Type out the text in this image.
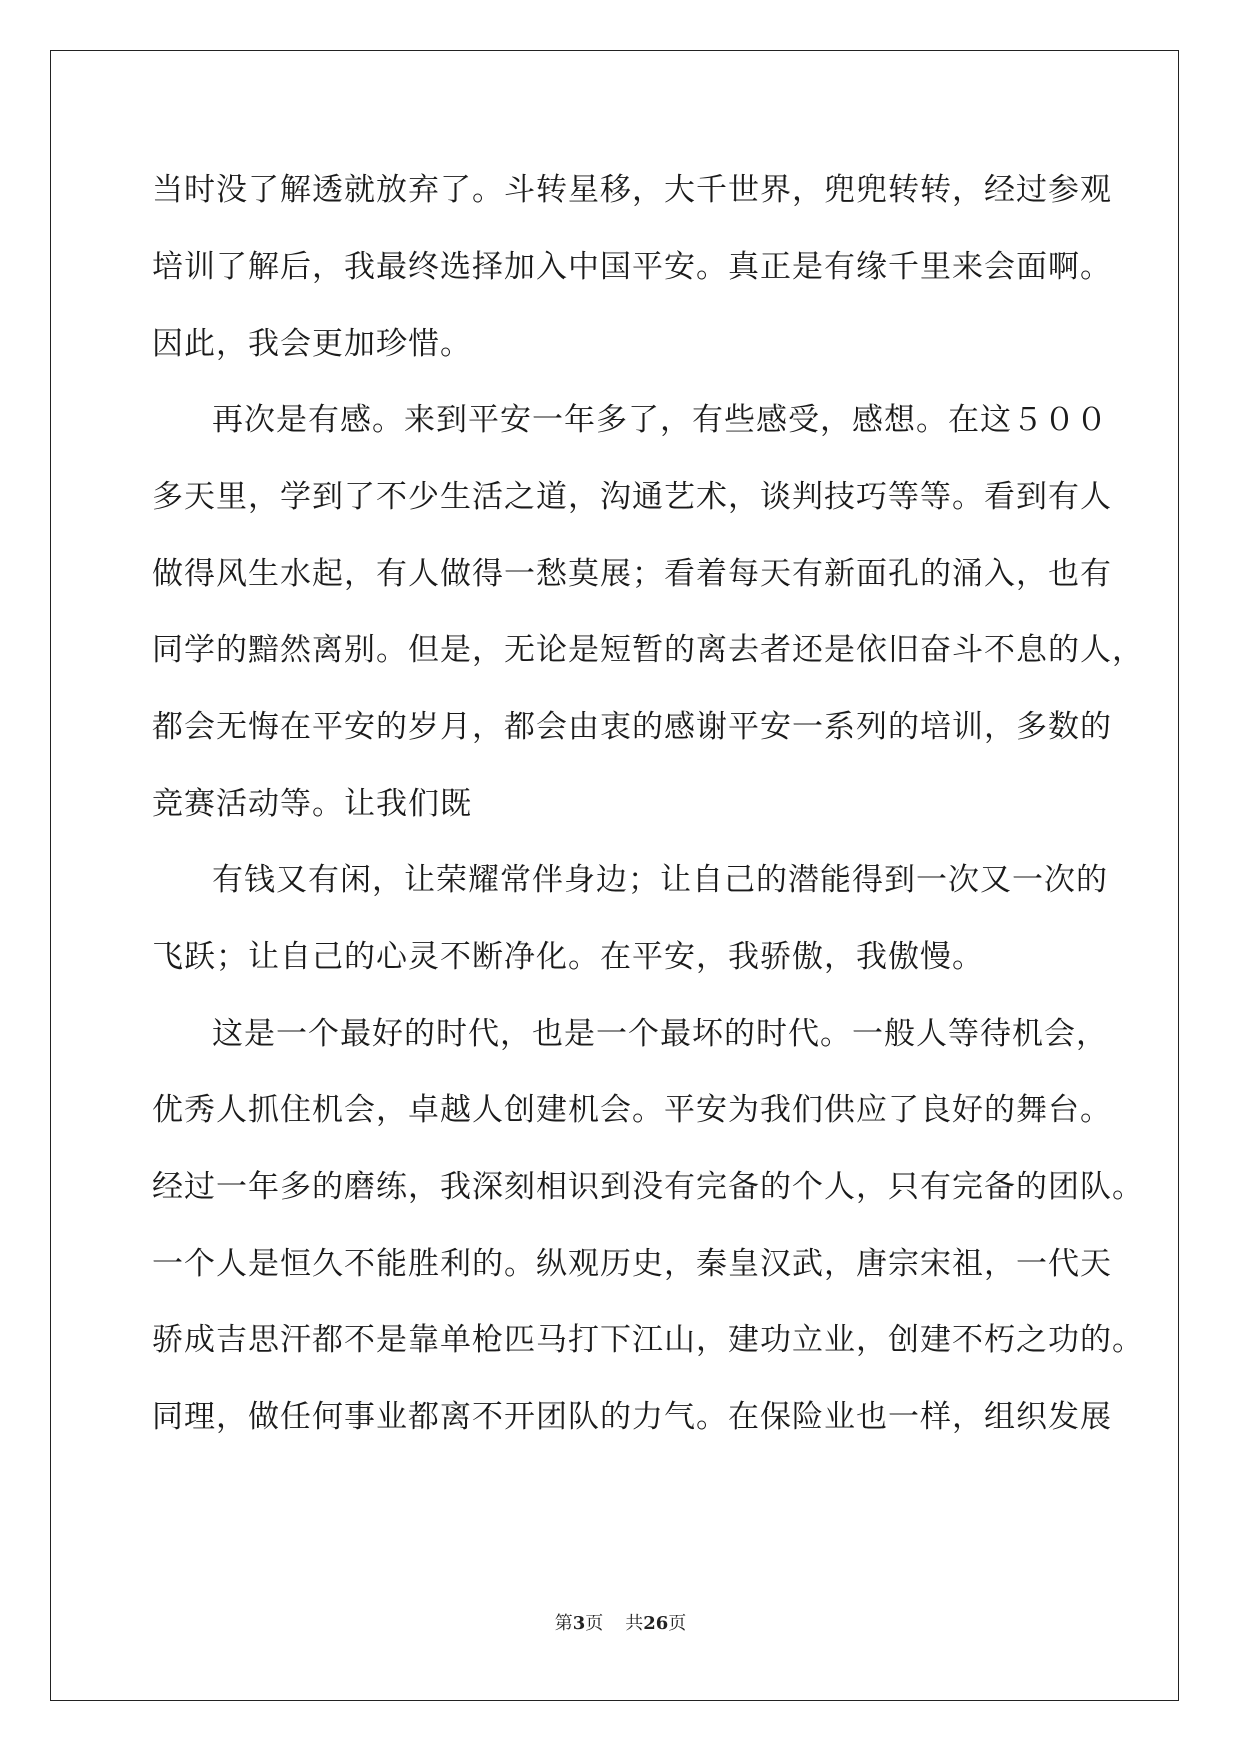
当时没了解透就放弃了。斗转星移，大千世界，兜兜转转，经过参观
培训了解后，我最终选择加入中国平安。真正是有缘千里来会面啊。
因此，我会更加珍惜。
再次是有感。来到平安一年多了，有些感受，感想。在这５００
多天里，学到了不少生活之道，沟通艺术，谈判技巧等等。看到有人
做得风生水起，有人做得一愁莫展；看着每天有新面孔的涌入，也有
同学的黯然离别。但是，无论是短暂的离去者还是依旧奋斗不息的人，
都会无悔在平安的岁月，都会由衷的感谢平安一系列的培训，多数的
竞赛活动等。让我们既
有钱又有闲，让荣耀常伴身边；让自己的潜能得到一次又一次的
飞跃；让自己的心灵不断净化。在平安，我骄傲，我傲慢。
这是一个最好的时代，也是一个最坏的时代。一般人等待机会，
优秀人抓住机会，卓越人创建机会。平安为我们供应了良好的舞台。
经过一年多的磨练，我深刻相识到没有完备的个人，只有完备的团队。
一个人是恒久不能胜利的。纵观历史，秦皇汉武，唐宗宋祖，一代天
骄成吉思汗都不是靠单枪匹马打下江山，建功立业，创建不朽之功的。
同理，做任何事业都离不开团队的力气。在保险业也一样，组织发展
第3页 共26页
